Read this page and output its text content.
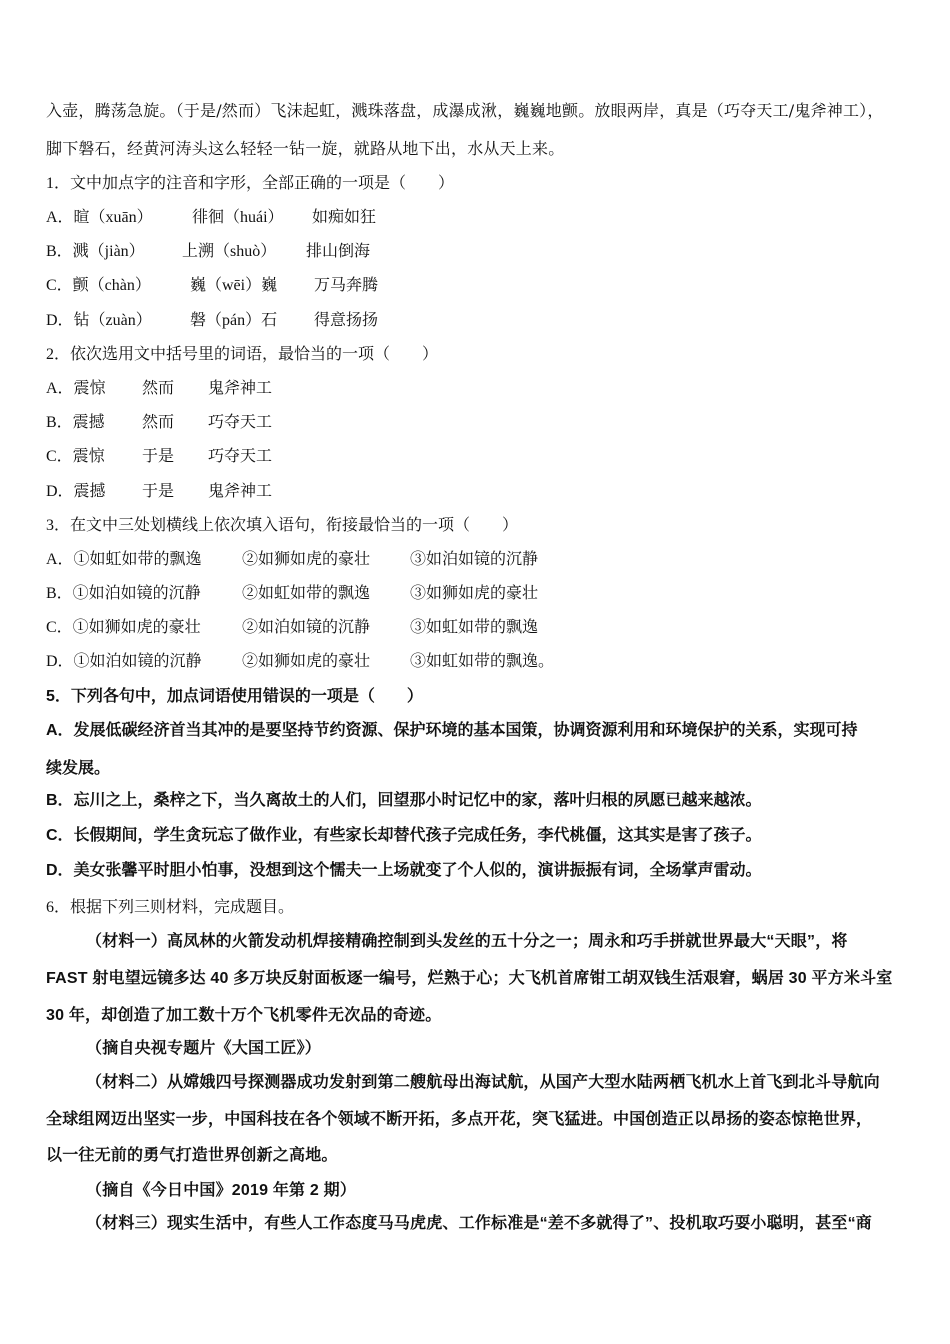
入壶，腾荡急旋。（于是/然而）飞沫起虹，溅珠落盘，成瀑成湫，巍巍地颤。放眼两岸，真是（巧夺天工/鬼斧神工），
脚下磐石，经黄河涛头这么轻轻一钻一旋，就路从地下出，水从天上来。
1．文中加点字的注音和字形，全部正确的一项是（　　）
A．暄（xuān） 徘徊（huái） 如痴如狂
B．溅（jiàn） 上溯（shuò） 排山倒海
C．颤（chàn） 巍（wēi）巍 万马奔腾
D．钻（zuàn） 磐（pán）石 得意扬扬
2．依次选用文中括号里的词语，最恰当的一项（　　）
A．震惊 然而 鬼斧神工
B．震撼 然而 巧夺天工
C．震惊 于是 巧夺天工
D．震撼 于是 鬼斧神工
3．在文中三处划横线上依次填入语句，衔接最恰当的一项（　　）
A．①如虹如带的飘逸	②如狮如虎的豪壮 ③如泊如镜的沉静
B．①如泊如镜的沉静	②如虹如带的飘逸 ③如狮如虎的豪壮
C．①如狮如虎的豪壮	②如泊如镜的沉静 ③如虹如带的飘逸
D．①如泊如镜的沉静	②如狮如虎的豪壮 ③如虹如带的飘逸。
5．下列各句中，加点词语使用错误的一项是（　　）
A．发展低碳经济首当其冲的是要坚持节约资源、保护环境的基本国策，协调资源利用和环境保护的关系，实现可持
续发展。
B．忘川之上，桑梓之下，当久离故土的人们，回望那小时记忆中的家，落叶归根的夙愿已越来越浓。
C．长假期间，学生贪玩忘了做作业，有些家长却替代孩子完成任务，李代桃僵，这其实是害了孩子。
D．美女张馨平时胆小怕事，没想到这个懦夫一上场就变了个人似的，演讲振振有词，全场掌声雷动。
6．根据下列三则材料，完成题目。
（材料一）高凤林的火箭发动机焊接精确控制到头发丝的五十分之一；周永和巧手拼就世界最大“天眼”，将
FAST 射电望远镜多达 40 多万块反射面板逐一编号，烂熟于心；大飞机首席钳工胡双钱生活艰窘，蜗居 30 平方米斗室
30 年，却创造了加工数十万个飞机零件无次品的奇迹。
（摘自央视专题片《大国工匠》）
（材料二）从嫦娥四号探测器成功发射到第二艘航母出海试航，从国产大型水陆两栖飞机水上首飞到北斗导航向
全球组网迈出坚实一步，中国科技在各个领域不断开拓，多点开花，突飞猛进。中国创造正以昂扬的姿态惊艳世界，
以一往无前的勇气打造世界创新之高地。
（摘自《今日中国》2019 年第 2 期）
（材料三）现实生活中，有些人工作态度马马虎虎、工作标准是“差不多就得了”、投机取巧耍小聪明，甚至“商
